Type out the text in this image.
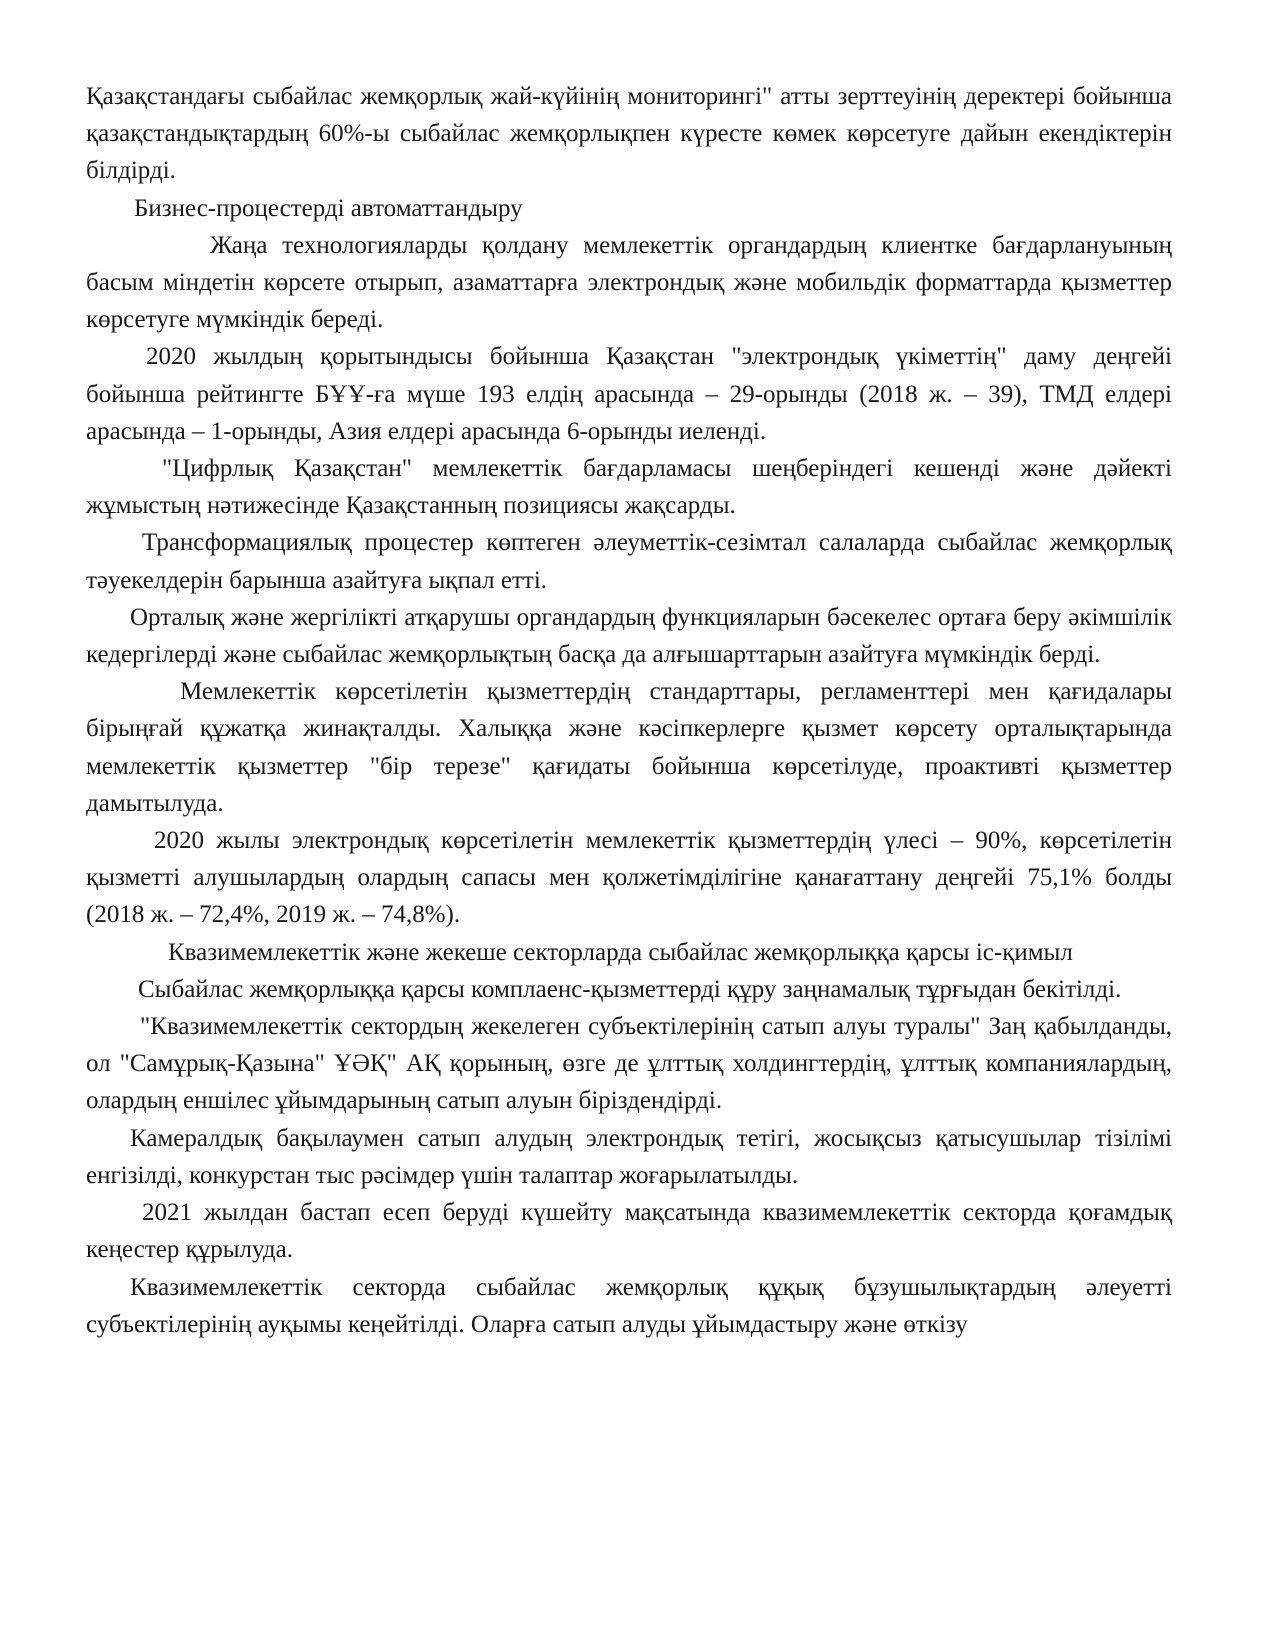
Қазақстандағы сыбайлас жемқорлық жай-күйінің мониторингі" атты зерттеуінің деректері бойынша қазақстандықтардың 60%-ы сыбайлас жемқорлықпен күресте көмек көрсетуге дайын екендіктерін білдірді.

Бизнес-процестерді автоматтандыру

Жаңа технологияларды қолдану мемлекеттік органдардың клиентке бағдарлануының басым міндетін көрсете отырып, азаматтарға электрондық және мобильдік форматтарда қызметтер көрсетуге мүмкіндік береді.

2020 жылдың қорытындысы бойынша Қазақстан "электрондық үкіметтің" даму деңгейі бойынша рейтингте БҰҰ-ға мүше 193 елдің арасында – 29-орынды (2018 ж. – 39), ТМД елдері арасында – 1-орынды, Азия елдері арасында 6-орынды иеленді.

"Цифрлық Қазақстан" мемлекеттік бағдарламасы шеңберіндегі кешенді және дәйекті жұмыстың нәтижесінде Қазақстанның позициясы жақсарды.

Трансформациялық процестер көптеген әлеуметтік-сезімтал салаларда сыбайлас жемқорлық тәуекелдерін барынша азайтуға ықпал етті.

Орталық және жергілікті атқарушы органдардың функцияларын бәсекелес ортаға беру әкімшілік кедергілерді және сыбайлас жемқорлықтың басқа да алғышарттарын азайтуға мүмкіндік берді.

Мемлекеттік көрсетілетін қызметтердің стандарттары, регламенттері мен қағидалары бірыңғай құжатқа жинақталды. Халыққа және кәсіпкерлерге қызмет көрсету орталықтарында мемлекеттік қызметтер "бір терезе" қағидаты бойынша көрсетілуде, проактивті қызметтер дамытылуда.

2020 жылы электрондық көрсетілетін мемлекеттік қызметтердің үлесі – 90%, көрсетілетін қызметті алушылардың олардың сапасы мен қолжетімділігіне қанағаттану деңгейі 75,1% болды (2018 ж. – 72,4%, 2019 ж. – 74,8%).

Квазимемлекеттік және жекеше секторларда сыбайлас жемқорлыққа қарсы іс-қимыл

Сыбайлас жемқорлыққа қарсы комплаенс-қызметтерді құру заңнамалық тұрғыдан бекітілді.

"Квазимемлекеттік сектордың жекелеген субъектілерінің сатып алуы туралы" Заң қабылданды, ол "Самұрық-Қазына" ҰӘҚ" АҚ қорының, өзге де ұлттық холдингтердің, ұлттық компаниялардың, олардың еншілес ұйымдарының сатып алуын біріздендірді.

Камералдық бақылаумен сатып алудың электрондық тетігі, жосықсыз қатысушылар тізілімі енгізілді, конкурстан тыс рәсімдер үшін талаптар жоғарылатылды.

2021 жылдан бастап есеп беруді күшейту мақсатында квазимемлекеттік секторда қоғамдық кеңестер құрылуда.

Квазимемлекеттік секторда сыбайлас жемқорлық құқық бұзушылықтардың әлеуетті субъектілерінің ауқымы кеңейтілді. Оларға сатып алуды ұйымдастыру және өткізу
